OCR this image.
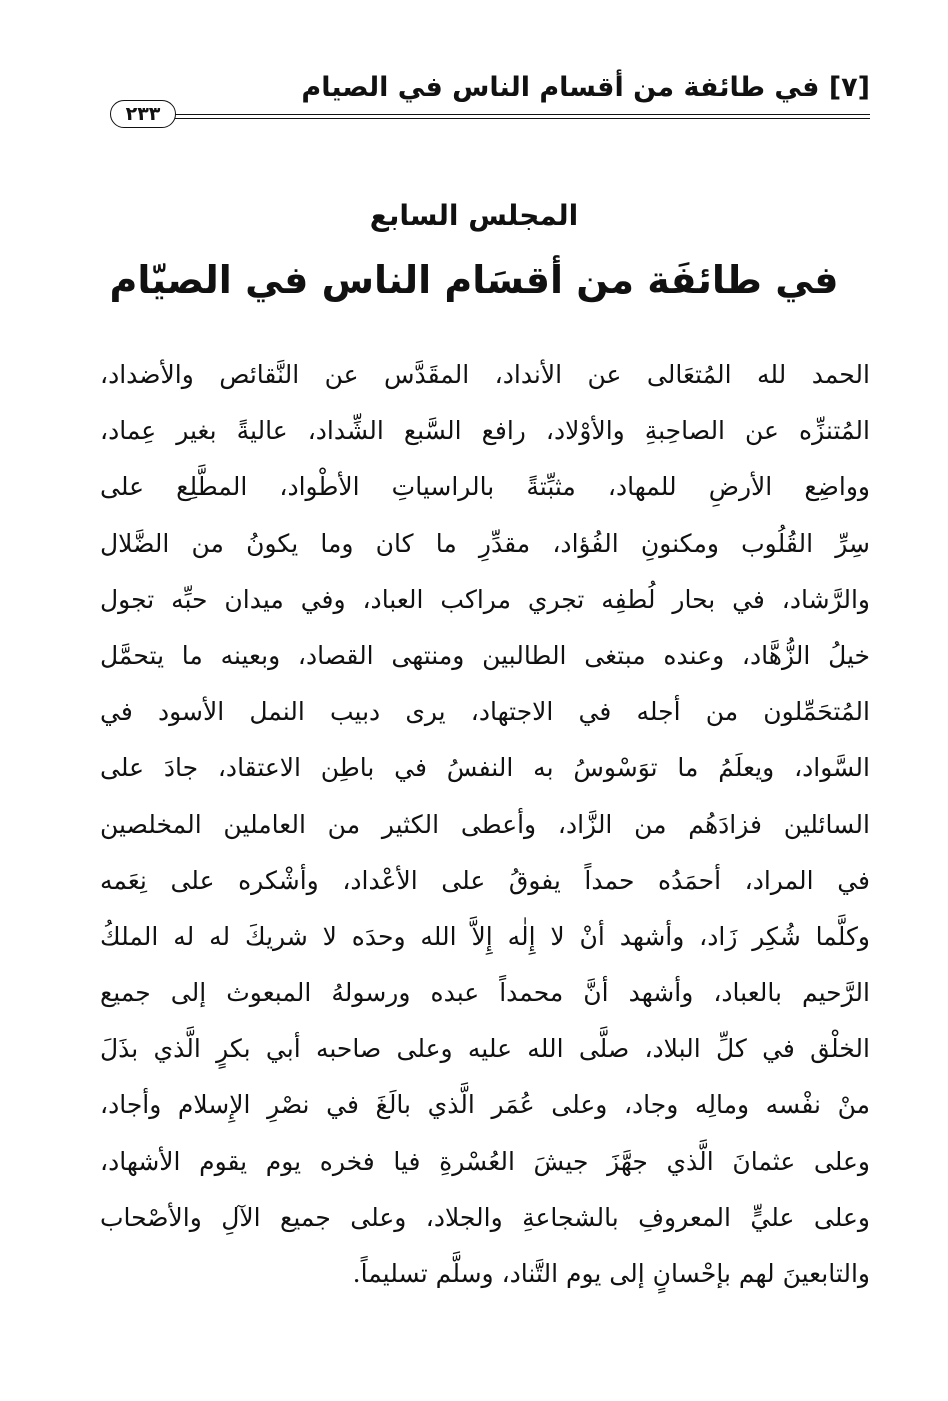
[٧] في طائفة من أقسام الناس في الصيام
٢٣٣
المجلس السابع
في طائفَة من أقسَام الناس في الصيّام
الحمد لله المُتعَالى عن الأنداد، المقَدَّس عن النَّقائص والأضداد،
المُتنزِّه عن الصاحِبةِ والأوْلاد، رافع السَّبع الشِّداد، عاليةً بغير عِماد،
وواضِع الأرضِ للمهاد، مثبِّتةً بالراسياتِ الأطْواد، المطَّلِع على
سِرِّ القُلُوب ومكنونِ الفُؤاد، مقدِّرِ ما كان وما يكونُ من الضَّلال
والرَّشاد، في بحار لُطفِه تجري مراكب العباد، وفي ميدان حبِّه تجول
خيلُ الزُّهَّاد، وعنده مبتغى الطالبين ومنتهى القصاد، وبعينه ما يتحمَّل
المُتحَمِّلون من أجله في الاجتهاد، يرى دبيب النمل الأسود في
السَّواد، ويعلَمُ ما توَسْوسُ به النفسُ في باطِن الاعتقاد، جادَ على
السائلين فزادَهُم من الزَّاد، وأعطى الكثير من العاملين المخلصين
في المراد، أحمَدُه حمداً يفوقُ على الأعْداد، وأشْكره على نِعَمه
وكلَّما شُكِر زَاد، وأشهد أنْ لا إِلٰه إِلاَّ الله وحدَه لا شريكَ له له الملكُ
الرَّحيم بالعباد، وأشهد أنَّ محمداً عبده ورسولهُ المبعوث إلى جميع
الخلْق في كلِّ البلاد، صلَّى الله عليه وعلى صاحبه أبي بكرٍ الَّذي بذَلَ
منْ نفْسه ومالِه وجاد، وعلى عُمَر الَّذي بالَغَ في نصْرِ الإِسلام وأجاد،
وعلى عثمانَ الَّذي جهَّزَ جيشَ العُسْرةِ فيا فخره يوم يقوم الأشهاد،
وعلى عليٍّ المعروفِ بالشجاعةِ والجلاد، وعلى جميع الآلِ والأصْحاب
والتابعينَ لهم بإحْسانٍ إلى يوم التَّناد، وسلَّم تسليماً.
